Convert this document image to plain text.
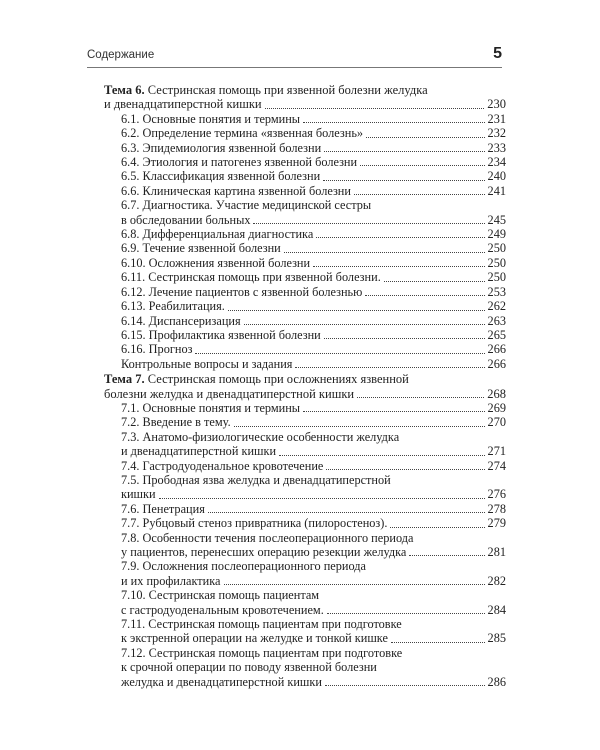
Содержание	5
Тема 6. Сестринская помощь при язвенной болезни желудка
и двенадцатиперстной кишки	230
6.1. Основные понятия и термины	231
6.2. Определение термина «язвенная болезнь»	232
6.3. Эпидемиология язвенной болезни	233
6.4. Этиология и патогенез язвенной болезни	234
6.5. Классификация язвенной болезни	240
6.6. Клиническая картина язвенной болезни	241
6.7. Диагностика. Участие медицинской сестры
в обследовании больных	245
6.8. Дифференциальная диагностика	249
6.9. Течение язвенной болезни	250
6.10. Осложнения язвенной болезни	250
6.11. Сестринская помощь при язвенной болезни.	250
6.12. Лечение пациентов с язвенной болезнью	253
6.13. Реабилитация.	262
6.14. Диспансеризация	263
6.15. Профилактика язвенной болезни	265
6.16. Прогноз	266
Контрольные вопросы и задания	266
Тема 7. Сестринская помощь при осложнениях язвенной
болезни желудка и двенадцатиперстной кишки	268
7.1. Основные понятия и термины	269
7.2. Введение в тему.	270
7.3. Анатомо-физиологические особенности желудка
и двенадцатиперстной кишки	271
7.4. Гастродуоденальное кровотечение	274
7.5. Прободная язва желудка и двенадцатиперстной
кишки	276
7.6. Пенетрация	278
7.7. Рубцовый стеноз привратника (пилоростеноз).	279
7.8. Особенности течения послеоперационного периода
у пациентов, перенесших операцию резекции желудка	281
7.9. Осложнения послеоперационного периода
и их профилактика	282
7.10. Сестринская помощь пациентам
с гастродуоденальным кровотечением.	284
7.11. Сестринская помощь пациентам при подготовке
к экстренной операции на желудке и тонкой кишке	285
7.12. Сестринская помощь пациентам при подготовке
к срочной операции по поводу язвенной болезни
желудка и двенадцатиперстной кишки	286
